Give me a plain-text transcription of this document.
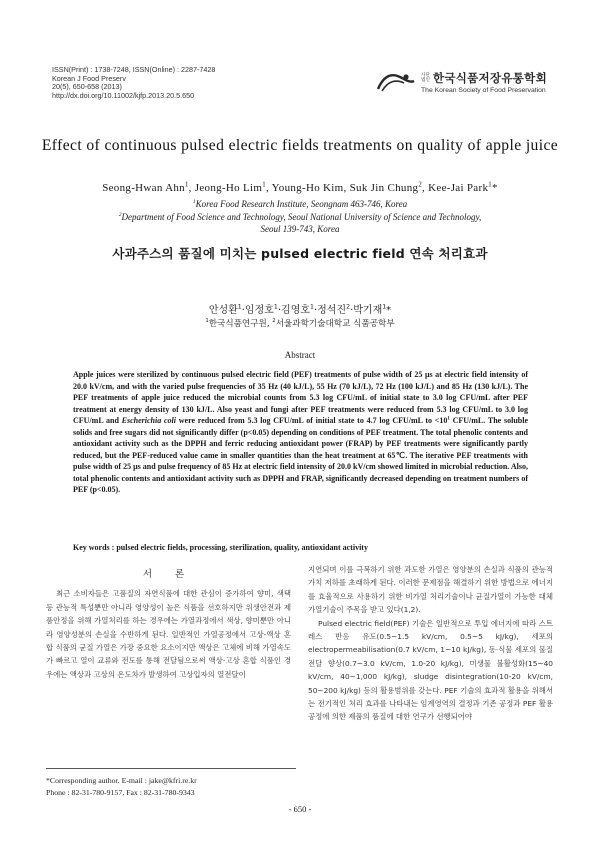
ISSN(Print) : 1738-7248, ISSN(Online) : 2287-7428
Korean J Food Preserv
20(5), 650-658 (2013)
http://dx.doi.org/10.11002/kjfp.2013.20.5.650
사단
법인 한국식품저장유통학회
The Korean Society of Food Preservation
Effect of continuous pulsed electric fields treatments on quality of apple juice
Seong-Hwan Ahn$^1$, Jeong-Ho Lim$^1$, Young-Ho Kim, Suk Jin Chung$^2$, Kee-Jai Park$^1$*
$^1$Korea Food Research Institute, Seongnam 463-746, Korea
$^2$Department of Food Science and Technology, Seoul National University of Science and Technology,
Seoul 139-743, Korea
사과주스의 품질에 미치는 pulsed electric field 연속 처리효과
안성환$^1$·임정호$^1$·김영호$^1$·정석진$^2$·박기재$^1$*
$^1$한국식품연구원, $^2$서울과학기술대학교 식품공학부
Abstract
Apple juices were sterilized by continuous pulsed electric field (PEF) treatments of pulse width of 25 μs at electric field intensity of 20.0 kV/cm, and with the varied pulse frequencies of 35 Hz (40 kJ/L), 55 Hz (70 kJ/L), 72 Hz (100 kJ/L) and 85 Hz (130 kJ/L). The PEF treatments of apple juice reduced the microbial counts from 5.3 log CFU/mL of initial state to 3.0 log CFU/mL after PEF treatment at energy density of 130 kJ/L. Also yeast and fungi after PEF treatments were reduced from 5.3 log CFU/mL to 3.0 log CFU/mL and Escherichia coli were reduced from 5.3 log CFU/mL of initial state to 4.7 log CFU/mL to $<10^1$ CFU/mL. The soluble solids and free sugars did not significantly differ (p<0.05) depending on conditions of PEF treatment. The total phenolic contents and antioxidant activity such as the DPPH and ferric reducing antioxidant power (FRAP) by PEF treatments were significantly partly reduced, but the PEF-reduced value came in smaller quantities than the heat treatment at 65℃. The iterative PEF treatments with pulse width of 25 μs and pulse frequency of 85 Hz at electric field intensity of 20.0 kV/cm showed limited in microbial reduction. Also, total phenolic contents and antioxidant activity such as DPPH and FRAP, significantly decreased depending on treatment numbers of PEF (p<0.05).
Key words : pulsed electric fields, processing, sterilization, quality, antioxidant activity
서 론
최근 소비자들은 고품질의 자연식품에 대한 관심이 증가하여 향미, 색택 등 관능적 특성뿐만 아니라 영양성이 높은 식품을 선호하지만 위생안전과 제품안정을 위해 가열처리를 하는 경우에는 가열과정에서 색상, 향미뿐만 아니라 영양성분의 손실을 수반하게 된다. 일반적인 가열공정에서 고상-액상 혼합 식품의 균질 가열은 가장 중요한 요소이지만 액상은 고체에 비해 가열속도가 빠르고 열이 교류와 전도를 통해 전달됨으로써 액상-고상 혼합 식품인 경우에는 액상과 고상의 온도차가 발생하여 고상입자의 열전달이
지연되며 이를 극복하기 위한 과도한 가열은 영양분의 손실과 식품의 관능적 가치 저하를 초래하게 된다. 이러한 문제점을 해결하기 위한 방법으로 에너지를 효율적으로 사용하기 위한 비가열 처리기술이나 균질가열이 가능한 대체가열기술이 주목을 받고 있다(1,2).
Pulsed electric field(PEF) 기술은 일반적으로 투입 에너지에 따라 스트레스 반응 유도(0.5~1.5 kV/cm, 0.5~5 kJ/kg), 세포의 electropermeabilisation(0.7 kV/cm, 1~10 kJ/kg), 동·식물 세포의 물질 전달 향상(0.7~3.0 kV/cm, 1.0-20 kJ/kg), 미생물 불활성화(15~40 kV/cm, 40~1,000 kJ/kg), sludge disintegration(10-20 kV/cm, 50~200 kJ/kg) 등의 활용범위를 갖는다. PEF 기술의 효과적 활용을 위해서는 전기적인 처리 효과를 나타내는 임계영역의 결정과 기존 공정과 PEF 활용 공정에 의한 제품의 품질에 대한 연구가 선행되어야
*Corresponding author. E-mail : jake@kfri.re.kr
Phone : 82-31-780-9157, Fax : 82-31-780-9343
- 650 -
